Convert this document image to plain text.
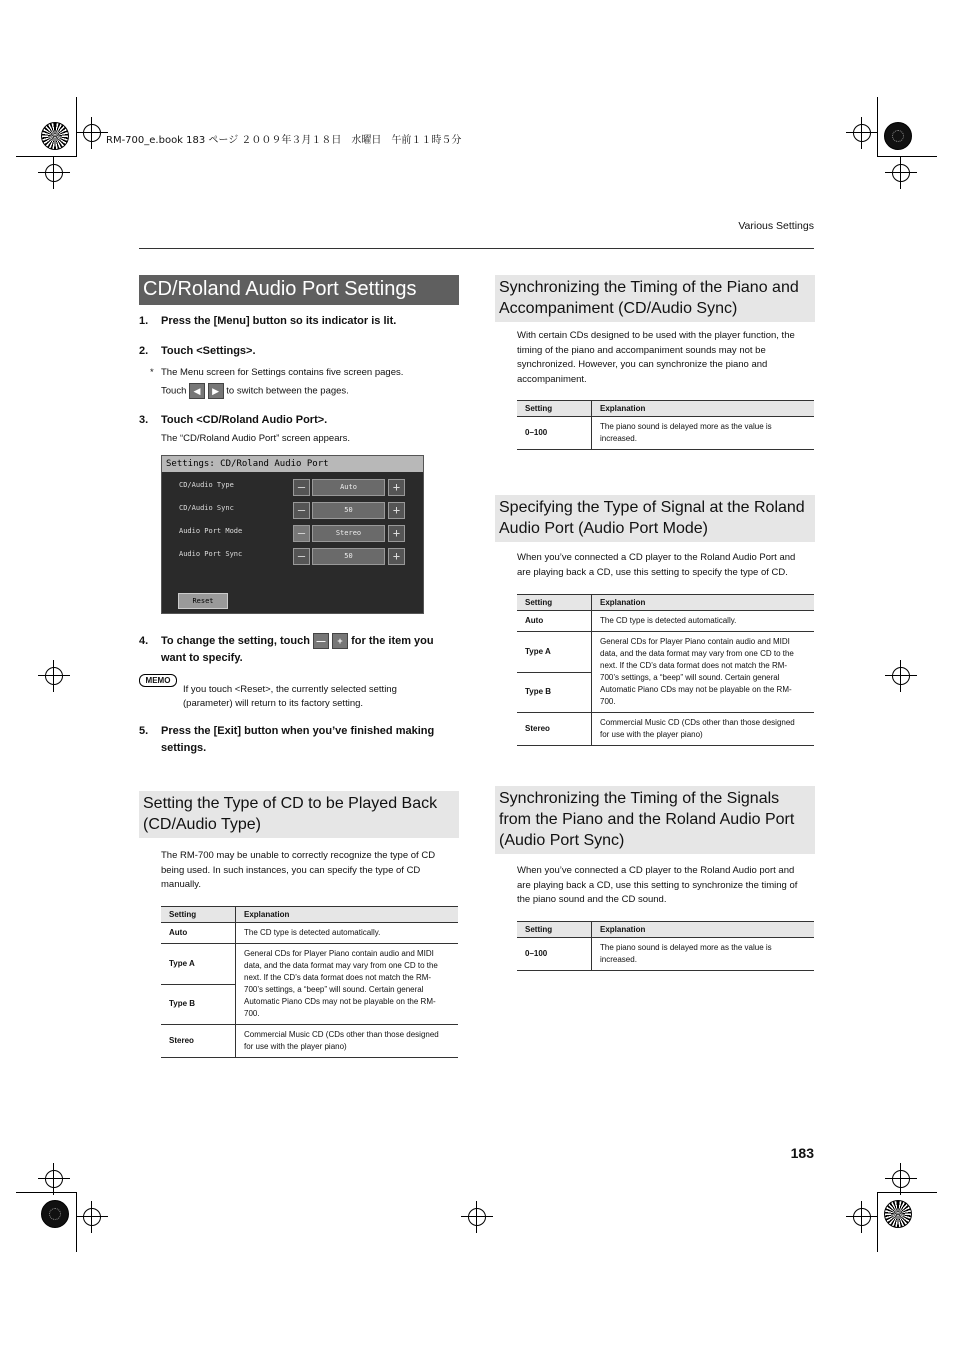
RM-700_e.book 183 ページ ２００９年３月１８日　水曜日　午前１１時５分
Various Settings
183
CD/Roland Audio Port Settings
1. Press the [Menu] button so its indicator is lit.
2. Touch <Settings>.
* The Menu screen for Settings contains five screen pages.
Touch ◀ ▶ to switch between the pages.
3. Touch <CD/Roland Audio Port>.
The “CD/Roland Audio Port” screen appears.
Settings: CD/Roland Audio Port
CD/Audio Type	—	Auto	+
CD/Audio Sync	—	50	+
Audio Port Mode	—	Stereo	+
Audio Port Sync	—	50	+
Reset
4. To change the setting, touch — + for the item you
want to specify.
MEMO
If you touch <Reset>, the currently selected setting
(parameter) will return to its factory setting.
5. Press the [Exit] button when you’ve finished making
settings.
Setting the Type of CD to be Played Back
(CD/Audio Type)
The RM-700 may be unable to correctly recognize the type of CD
being used. In such instances, you can specify the type of CD
manually.
Setting	Explanation
Auto	The CD type is detected automatically.
Type A	General CDs for Player Piano contain audio and MIDI data, and the data format may vary from one CD to the next. If the CD’s data format does not match the RM-700’s settings, a “beep” will sound. Certain general Automatic Piano CDs may not be playable on the RM-700.
Type B	
Stereo	Commercial Music CD (CDs other than those designed for use with the player piano)
Synchronizing the Timing of the Piano and
Accompaniment (CD/Audio Sync)
With certain CDs designed to be used with the player function, the
timing of the piano and accompaniment sounds may not be
synchronized. However, you can synchronize the piano and
accompaniment.
Setting	Explanation
0–100	The piano sound is delayed more as the value is increased.
Specifying the Type of Signal at the Roland
Audio Port (Audio Port Mode)
When you’ve connected a CD player to the Roland Audio Port and
are playing back a CD, use this setting to specify the type of CD.
Setting	Explanation
Auto	The CD type is detected automatically.
Type A	General CDs for Player Piano contain audio and MIDI data, and the data format may vary from one CD to the next. If the CD’s data format does not match the RM-700’s settings, a “beep” will sound. Certain general Automatic Piano CDs may not be playable on the RM-700.
Type B	
Stereo	Commercial Music CD (CDs other than those designed for use with the player piano)
Synchronizing the Timing of the Signals
from the Piano and the Roland Audio Port
(Audio Port Sync)
When you’ve connected a CD player to the Roland Audio port and
are playing back a CD, use this setting to synchronize the timing of
the piano sound and the CD sound.
Setting	Explanation
0–100	The piano sound is delayed more as the value is increased.
